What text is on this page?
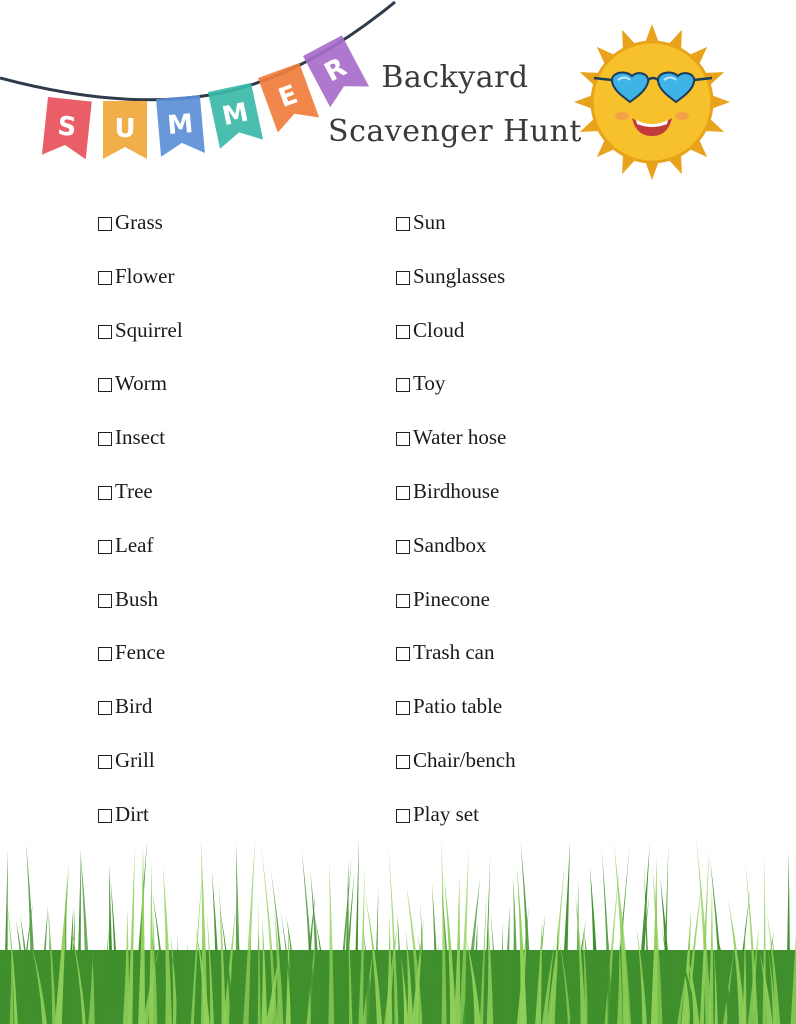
S U M M
E
R Backyard
Scavenger Hunt
Grass
Flower
Squirrel
Worm
Insect
Tree
Leaf
Bush
Fence
Bird
Grill
Dirt
Sun
Sunglasses
Cloud
Toy
Water hose
Birdhouse
Sandbox
Pinecone
Trash can
Patio table
Chair/bench
Play set
